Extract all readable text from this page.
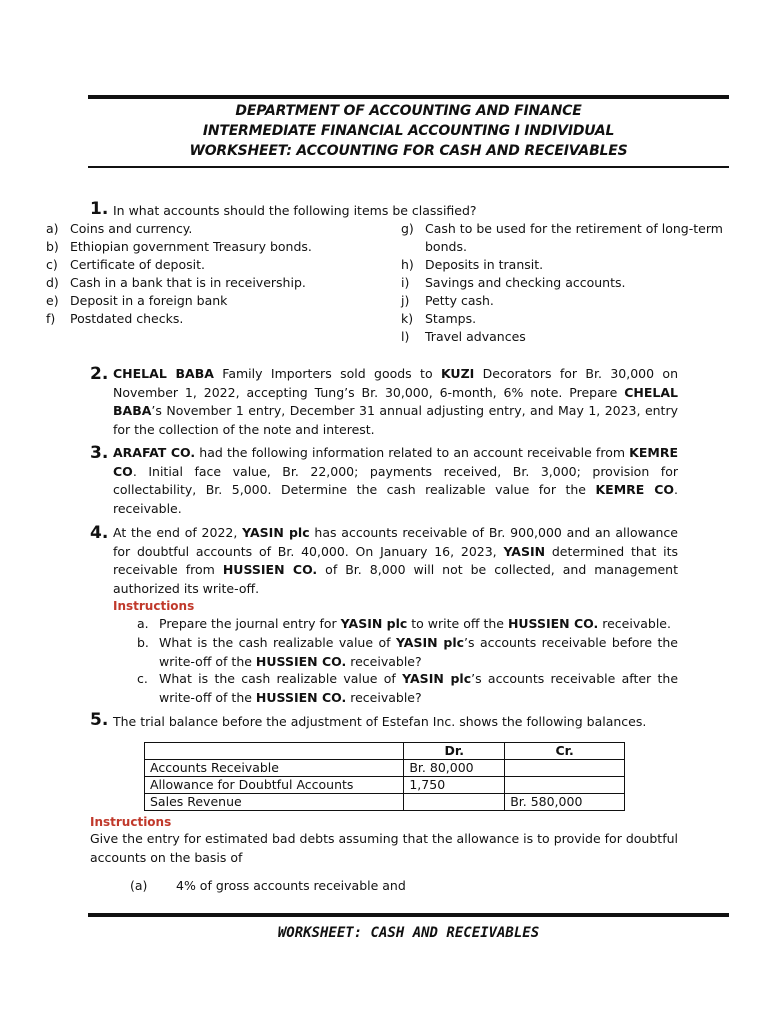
DEPARTMENT OF ACCOUNTING AND FINANCE
INTERMEDIATE FINANCIAL ACCOUNTING I INDIVIDUAL
WORKSHEET: ACCOUNTING FOR CASH AND RECEIVABLES
1. In what accounts should the following items be classified?
a) Coins and currency.
b) Ethiopian government Treasury bonds.
c) Certificate of deposit.
d) Cash in a bank that is in receivership.
e) Deposit in a foreign bank
f) Postdated checks.
g) Cash to be used for the retirement of long-term
bonds.
h) Deposits in transit.
i) Savings and checking accounts.
j) Petty cash.
k) Stamps.
l) Travel advances
2. CHELAL BABA Family Importers sold goods to KUZI Decorators for Br. 30,000 on November 1, 2022, accepting Tung’s Br. 30,000, 6-month, 6% note. Prepare CHELAL BABA’s November 1 entry, December 31 annual adjusting entry, and May 1, 2023, entry for the collection of the note and interest.
3. ARAFAT CO. had the following information related to an account receivable from KEMRE CO. Initial face value, Br. 22,000; payments received, Br. 3,000; provision for collectability, Br. 5,000. Determine the cash realizable value for the KEMRE CO. receivable.
4. At the end of 2022, YASIN plc has accounts receivable of Br. 900,000 and an allowance for doubtful accounts of Br. 40,000. On January 16, 2023, YASIN determined that its receivable from HUSSIEN CO. of Br. 8,000 will not be collected, and management authorized its write-off.
Instructions
a. Prepare the journal entry for YASIN plc to write off the HUSSIEN CO. receivable.
b. What is the cash realizable value of YASIN plc’s accounts receivable before the write-off of the HUSSIEN CO. receivable?
c. What is the cash realizable value of YASIN plc’s accounts receivable after the write-off of the HUSSIEN CO. receivable?
5. The trial balance before the adjustment of Estefan Inc. shows the following balances.
	Dr.	Cr.
Accounts Receivable	Br. 80,000	
Allowance for Doubtful Accounts	1,750	
Sales Revenue		Br. 580,000
Instructions
Give the entry for estimated bad debts assuming that the allowance is to provide for doubtful accounts on the basis of
(a) 4% of gross accounts receivable and
WORKSHEET: CASH AND RECEIVABLES
